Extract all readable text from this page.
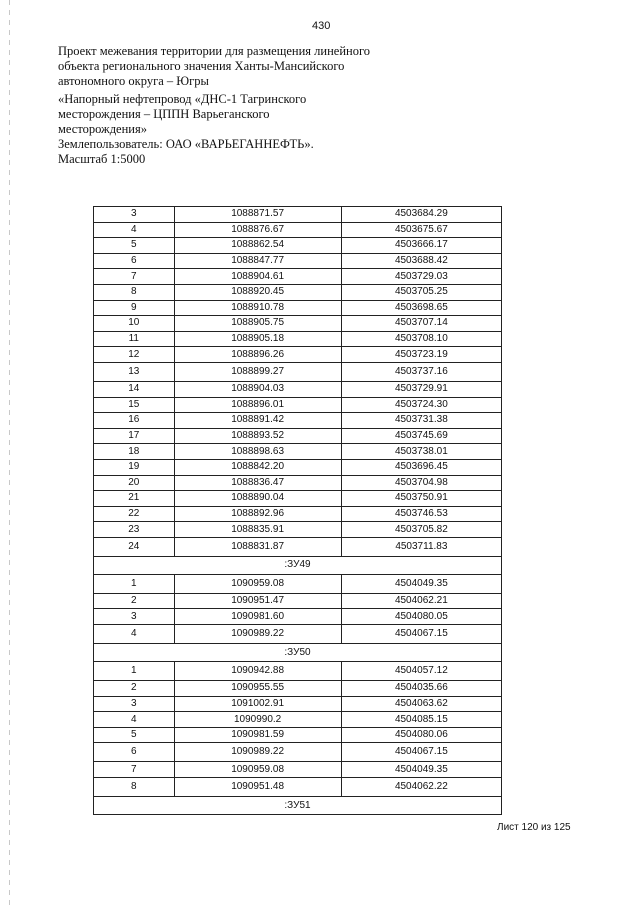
430

Проект межевания территории для размещения линейного

объекта регионального значения Ханты-Мансийского

автономного округа – Югры

«Напорный нефтепровод «ДНС-1 Тагринского

месторождения – ЦППН Варьеганского

месторождения»

Землепользователь: ОАО «ВАРЬЕГАННЕФТЬ».

Масштаб 1:5000

3	1088871.57	4503684.29
4	1088876.67	4503675.67
5	1088862.54	4503666.17
6	1088847.77	4503688.42
7	1088904.61	4503729.03
8	1088920.45	4503705.25
9	1088910.78	4503698.65
10	1088905.75	4503707.14
11	1088905.18	4503708.10
12	1088896.26	4503723.19
13	1088899.27	4503737.16
14	1088904.03	4503729.91
15	1088896.01	4503724.30
16	1088891.42	4503731.38
17	1088893.52	4503745.69
18	1088898.63	4503738.01
19	1088842.20	4503696.45
20	1088836.47	4503704.98
21	1088890.04	4503750.91
22	1088892.96	4503746.53
23	1088835.91	4503705.82
24	1088831.87	4503711.83
:ЗУ49		
1	1090959.08	4504049.35
2	1090951.47	4504062.21
3	1090981.60	4504080.05
4	1090989.22	4504067.15
:ЗУ50		
1	1090942.88	4504057.12
2	1090955.55	4504035.66
3	1091002.91	4504063.62
4	1090990.2	4504085.15
5	1090981.59	4504080.06
6	1090989.22	4504067.15
7	1090959.08	4504049.35
8	1090951.48	4504062.22
:ЗУ51		
Лист 120 из 125
